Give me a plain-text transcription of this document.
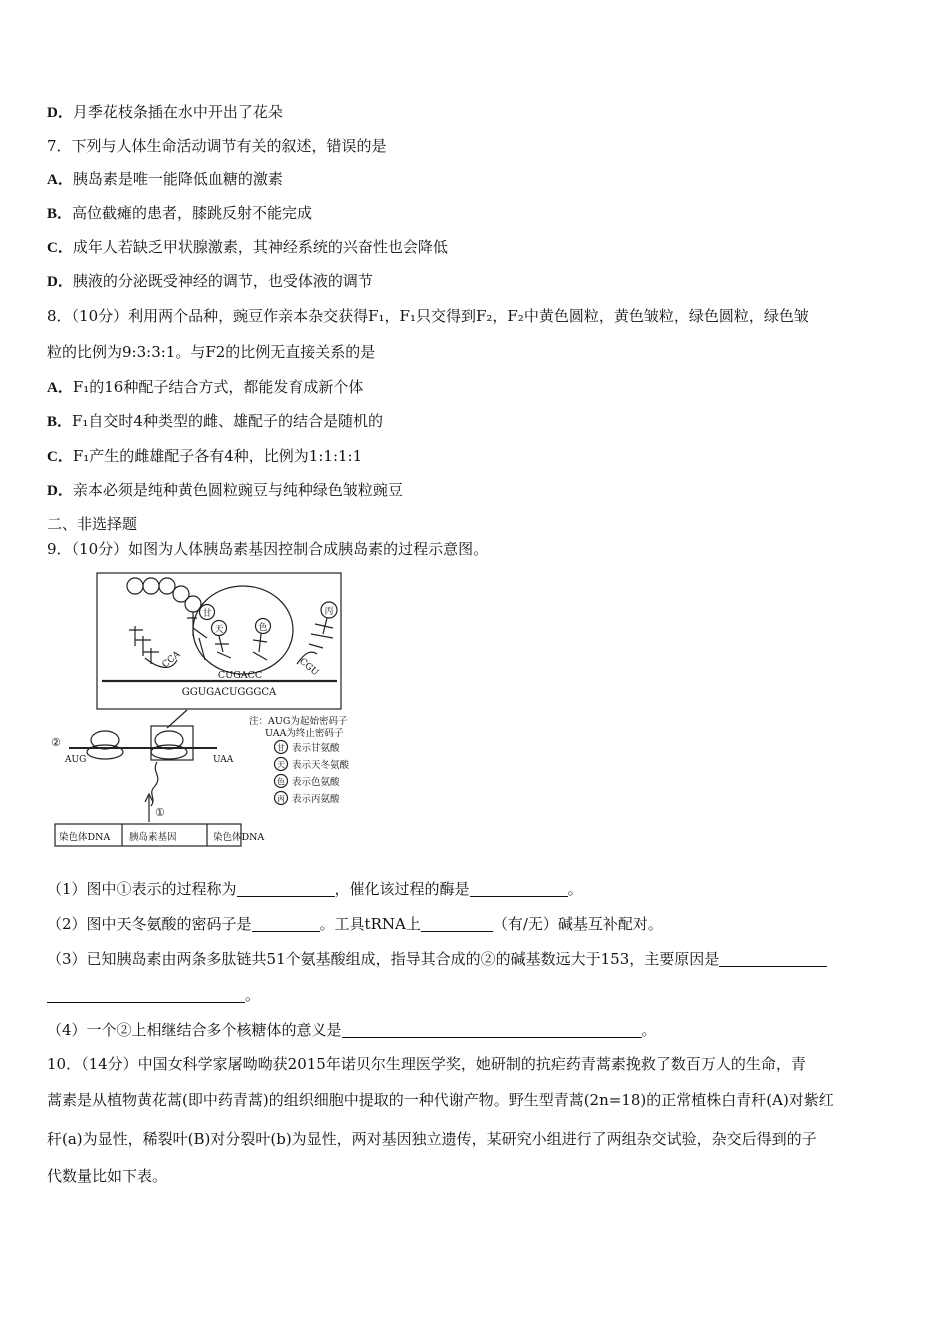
D．月季花枝条插在水中开出了花朵
7．下列与人体生命活动调节有关的叙述，错误的是
A．胰岛素是唯一能降低血糖的激素
B．高位截瘫的患者，膝跳反射不能完成
C．成年人若缺乏甲状腺激素，其神经系统的兴奋性也会降低
D．胰液的分泌既受神经的调节，也受体液的调节
8．（10分）利用两个品种，豌豆作亲本杂交获得F₁，F₁只交得到F₂，F₂中黄色圆粒，黄色皱粒，绿色圆粒，绿色皱
粒的比例为9:3:3:1。与F2的比例无直接关系的是
A．F₁的16种配子结合方式，都能发育成新个体
B．F₁自交时4种类型的雌、雄配子的结合是随机的
C．F₁产生的雌雄配子各有4种，比例为1:1:1:1
D．亲本必须是纯种黄色圆粒豌豆与纯种绿色皱粒豌豆
二、非选择题
9．（10分）如图为人体胰岛素基因控制合成胰岛素的过程示意图。
甘
天	色
丙
CCA	CGU
CUGACC
GGUGACUGGGCA
②
AUG	UAA
①
注：AUG为起始密码子
UAA为终止密码子
甘 表示甘氨酸
天 表示天冬氨酸
色 表示色氨酸
丙 表示丙氨酸
染色体DNA 胰岛素基因	染色体DNA
（1）图中①表示的过程称为	，催化该过程的酶是	。
（2）图中天冬氨酸的密码子是	。工具tRNA上	（有/无）碱基互补配对。
（3）已知胰岛素由两条多肽链共51个氨基酸组成，指导其合成的②的碱基数远大于153，主要原因是
。
（4）一个②上相继结合多个核糖体的意义是	。
10．（14分）中国女科学家屠呦呦获2015年诺贝尔生理医学奖，她研制的抗疟药青蒿素挽救了数百万人的生命，青
蒿素是从植物黄花蒿(即中药青蒿)的组织细胞中提取的一种代谢产物。野生型青蒿(2n=18)的正常植株白青秆(A)对紫红
秆(a)为显性，稀裂叶(B)对分裂叶(b)为显性，两对基因独立遗传，某研究小组进行了两组杂交试验，杂交后得到的子
代数量比如下表。
